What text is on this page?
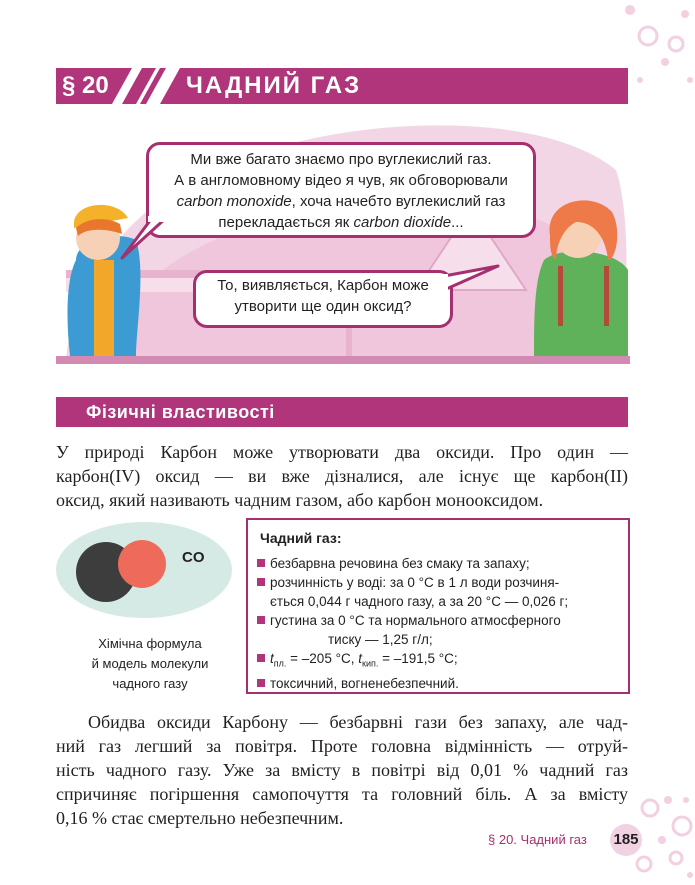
§ 20	ЧАДНИЙ ГАЗ
Ми вже багато знаємо про вуглекислий газ.
А в англомовному відео я чув, як обговорювали
carbon monoxide, хоча начебто вуглекислий газ
перекладається як carbon dioxide...
То, виявляється, Карбон може
утворити ще один оксид?
Фізичні властивості
У природі Карбон може утворювати два оксиди. Про один —
карбон(IV) оксид — ви вже дізналися, але існує ще карбон(II)
оксид, який називають чадним газом, або карбон монооксидом.
CO
Хімічна формула
й модель молекули
чадного газу
Чадний газ:
безбарвна речовина без смаку та запаху;
розчинність у воді: за 0 °С в 1 л води розчиня-
ється 0,044 г чадного газу, а за 20 °С — 0,026 г;
густина за 0 °С та нормального атмосферного
тиску — 1,25 г/л;
$t_{пл.} = -205$ °С, $t_{кип.} = -191,5$ °С;
токсичний, вогненебезпечний.
Обидва оксиди Карбону — безбарвні гази без запаху, але чад-
ний газ легший за повітря. Проте головна відмінність — отруй-
ність чадного газу. Уже за вмісту в повітрі від 0,01 % чадний газ
спричиняє погіршення самопочуття та головний біль. А за вмісту
0,16 % стає смертельно небезпечним.
§ 20. Чадний газ 185
